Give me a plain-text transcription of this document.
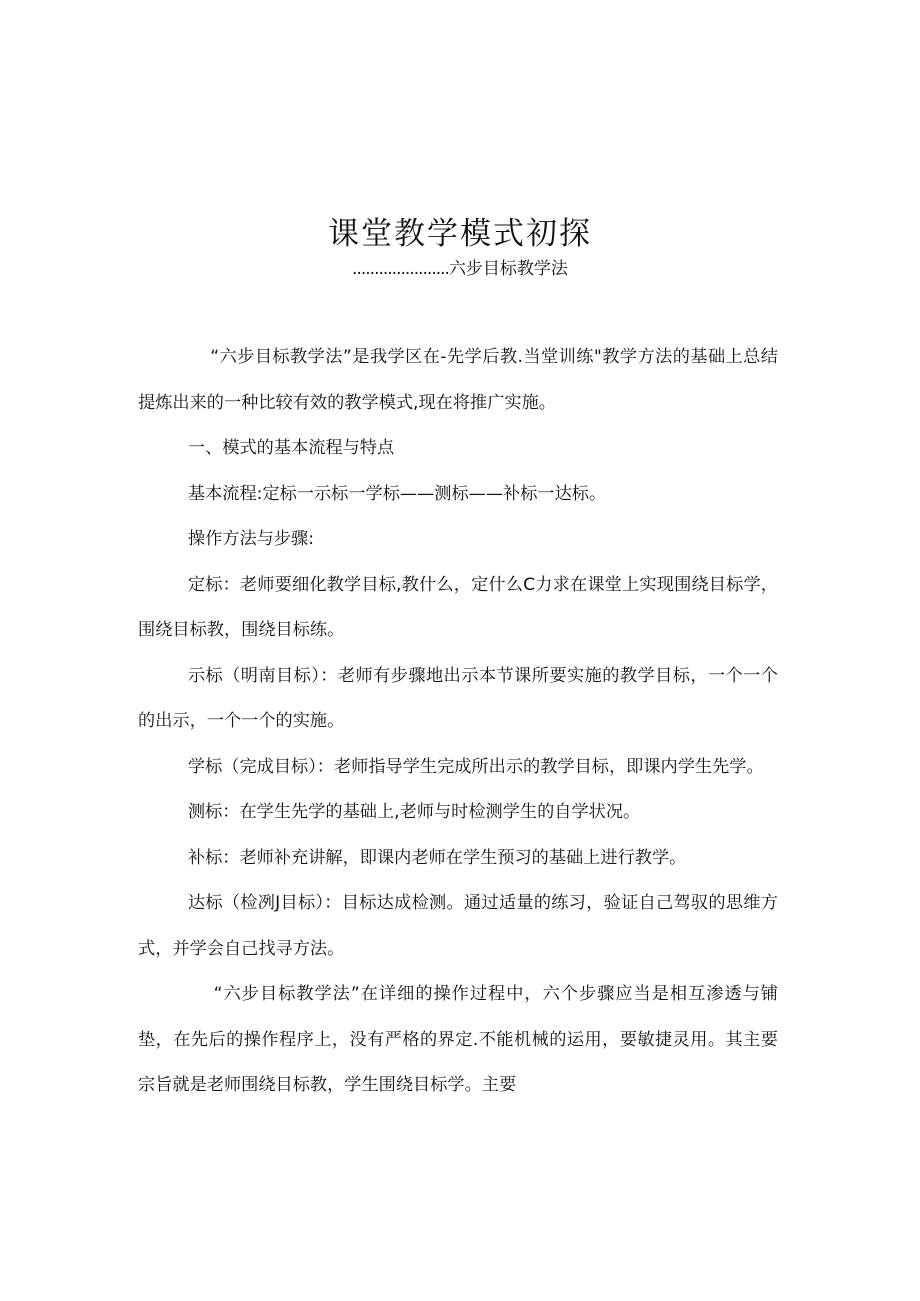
课堂教学模式初探
......................六步目标教学法

“六步目标教学法”是我学区在-先学后教.当堂训练"教学方法的基础上总结提炼出来的一种比较有效的教学模式,现在将推广实施。

一、模式的基本流程与特点

基本流程:定标一示标一学标——测标——补标一达标。

操作方法与步骤:

定标：老师要细化教学目标,教什么，定什么C力求在课堂上实现围绕目标学，围绕目标教，围绕目标练。

示标（明南目标）：老师有步骤地出示本节课所要实施的教学目标，一个一个的出示，一个一个的实施。

学标（完成目标）：老师指导学生完成所出示的教学目标，即课内学生先学。

测标：在学生先学的基础上,老师与时检测学生的自学状况。

补标：老师补充讲解，即课内老师在学生预习的基础上进行教学。

达标（检冽J目标）：目标达成检测。通过适量的练习，验证自己驾驭的思维方式，并学会自己找寻方法。

“六步目标教学法”在详细的操作过程中，六个步骤应当是相互渗透与铺垫，在先后的操作程序上，没有严格的界定.不能机械的运用，要敏捷灵用。其主要宗旨就是老师围绕目标教，学生围绕目标学。主要
